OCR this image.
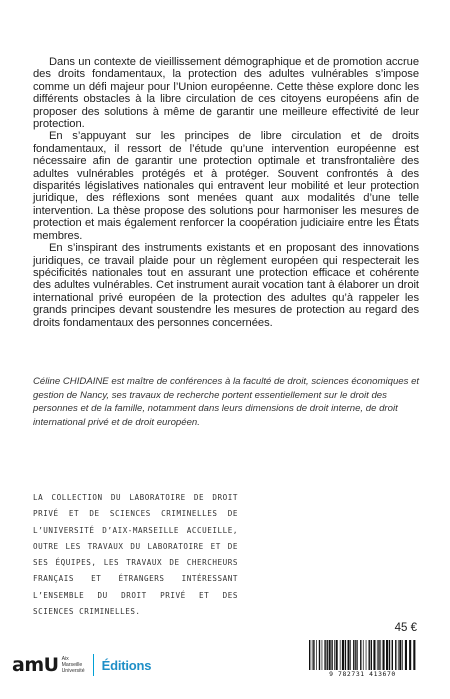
Dans un contexte de vieillissement démographique et de promotion accrue des droits fondamentaux, la protection des adultes vulnérables s’impose comme un défi majeur pour l’Union européenne. Cette thèse explore donc les différents obstacles à la libre circulation de ces citoyens européens afin de proposer des solutions à même de garantir une meilleure effectivité de leur protection.

En s’appuyant sur les principes de libre circulation et de droits fondamentaux, il ressort de l’étude qu’une intervention européenne est nécessaire afin de garantir une protection optimale et transfrontalière des adultes vulnérables protégés et à protéger. Souvent confrontés à des disparités législatives nationales qui entravent leur mobilité et leur protection juridique, des réflexions sont menées quant aux modalités d’une telle intervention. La thèse propose des solutions pour harmoniser les mesures de protection et mais également renforcer la coopération judiciaire entre les États membres.

En s’inspirant des instruments existants et en proposant des innovations juridiques, ce travail plaide pour un règlement européen qui respecterait les spécificités nationales tout en assurant une protection efficace et cohérente des adultes vulnérables. Cet instrument aurait vocation tant à élaborer un droit international privé européen de la protection des adultes qu’à rappeler les grands principes devant soustendre les mesures de protection au regard des droits fondamentaux des personnes concernées.

Céline CHIDAINE est maître de conférences à la faculté de droit, sciences économiques et gestion de Nancy, ses travaux de recherche portent essentiellement sur le droit des personnes et de la famille, notamment dans leurs dimensions de droit interne, de droit international privé et de droit européen.

LA COLLECTION DU LABORATOIRE DE DROIT PRIVÉ ET DE SCIENCES CRIMINELLES DE L’UNIVERSITÉ D’AIX-MARSEILLE ACCUEILLE, OUTRE LES TRAVAUX DU LABORATOIRE ET DE SES ÉQUIPES, LES TRAVAUX DE CHERCHEURS FRANÇAIS ET ÉTRANGERS INTÉRESSANT L’ENSEMBLE DU DROIT PRIVÉ ET DES SCIENCES CRIMINELLES.

45 €
amU Aix
Marseille
Université Éditions
9 782731 413670
